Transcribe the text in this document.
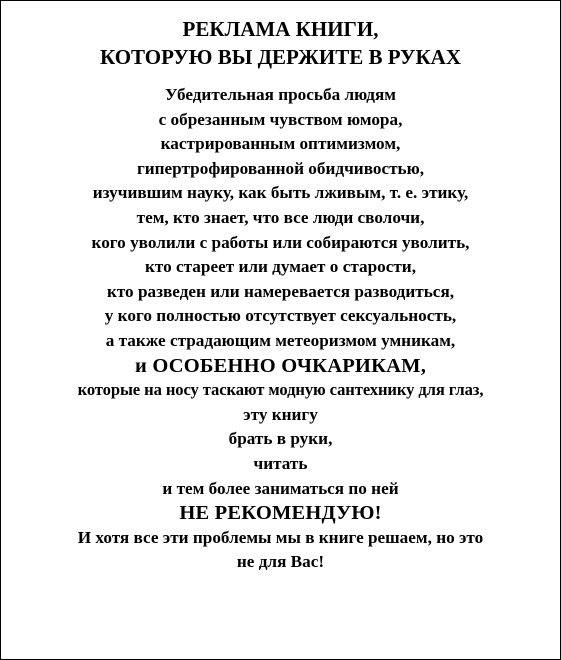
РЕКЛАМА КНИГИ,
КОТОРУЮ ВЫ ДЕРЖИТЕ В РУКАХ
Убедительная просьба людям
с обрезанным чувством юмора,
кастрированным оптимизмом,
гипертрофированной обидчивостью,
изучившим науку, как быть лживым, т. е. этику,
тем, кто знает, что все люди сволочи,
кого уволили с работы или собираются уволить,
кто стареет или думает о старости,
кто разведен или намеревается разводиться,
у кого полностью отсутствует сексуальность,
а также страдающим метеоризмом умникам,
и ОСОБЕННО ОЧКАРИКАМ,
которые на носу таскают модную сантехнику для глаз,
эту книгу
брать в руки,
читать
и тем более заниматься по ней
НЕ РЕКОМЕНДУЮ!
И хотя все эти проблемы мы в книге решаем, но это
не для Вас!
